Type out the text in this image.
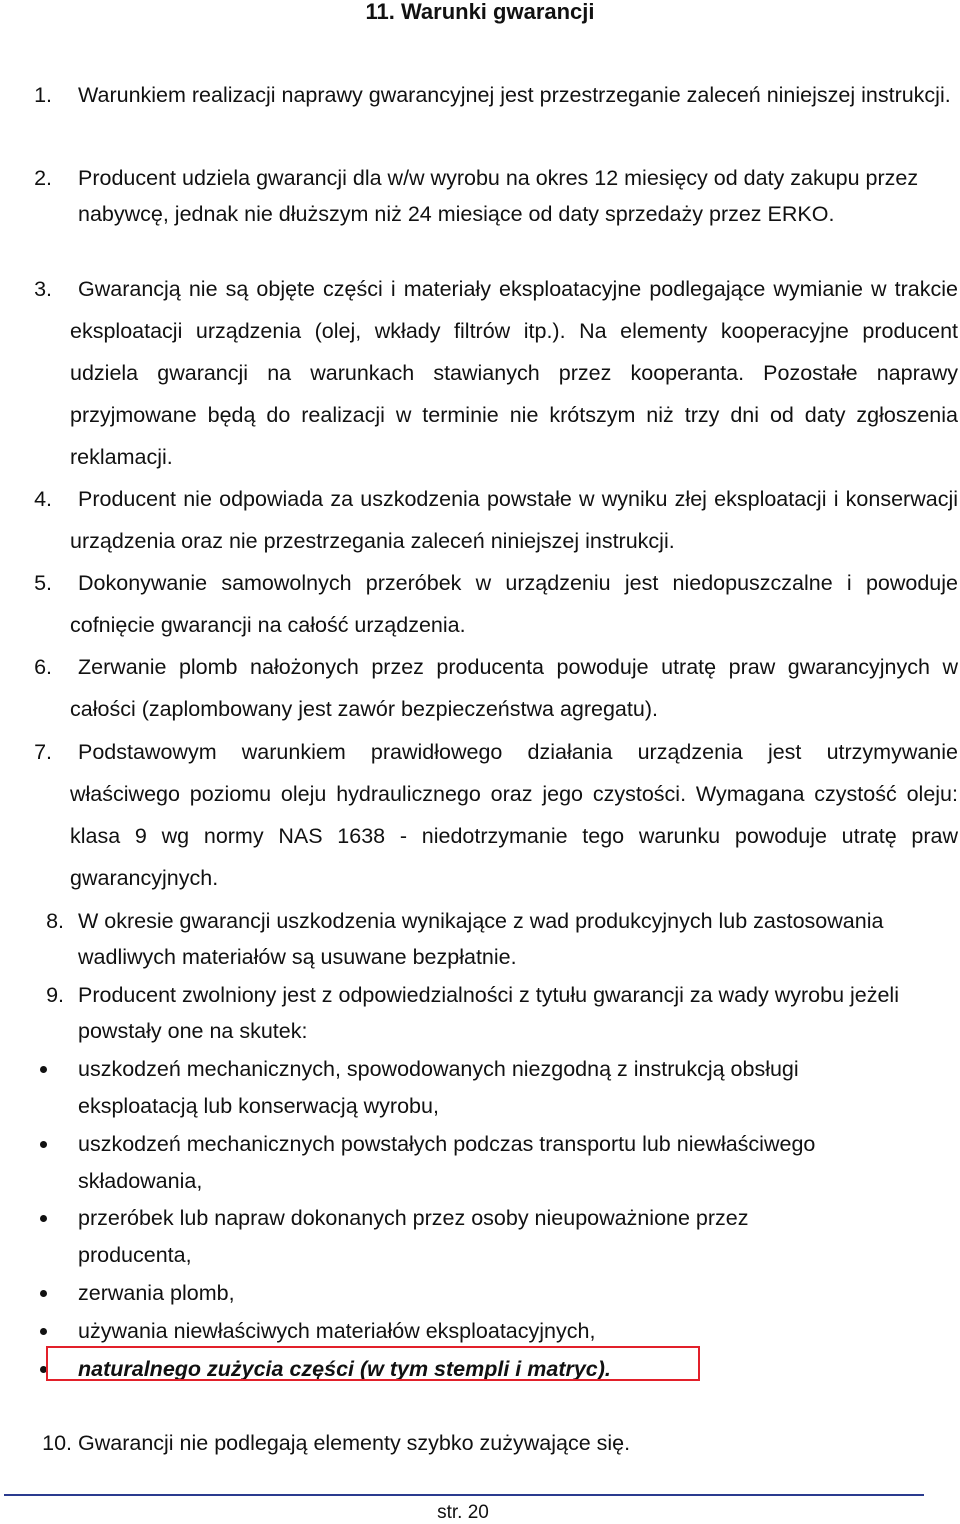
11. Warunki gwarancji
1.	Warunkiem realizacji naprawy gwarancyjnej jest przestrzeganie zaleceń niniejszej instrukcji.
2. Producent udziela gwarancji dla w/w wyrobu na okres 12 miesięcy od daty zakupu przez nabywcę, jednak nie dłuższym niż 24 miesiące od daty sprzedaży przez ERKO.
3.	Gwarancją nie są objęte części i materiały eksploatacyjne podlegające wymianie w trakcie eksploatacji urządzenia (olej, wkłady filtrów itp.). Na elementy kooperacyjne producent udziela gwarancji na warunkach stawianych przez kooperanta. Pozostałe naprawy przyjmowane będą do realizacji w terminie nie krótszym niż trzy dni od daty zgłoszenia reklamacji.
4.	Producent nie odpowiada za uszkodzenia powstałe w wyniku złej eksploatacji i konserwacji urządzenia oraz nie przestrzegania zaleceń niniejszej instrukcji.
5.	Dokonywanie samowolnych przeróbek w urządzeniu jest niedopuszczalne i powoduje cofnięcie gwarancji na całość urządzenia.
6.	Zerwanie plomb nałożonych przez producenta powoduje utratę praw gwarancyjnych w całości (zaplombowany jest zawór bezpieczeństwa agregatu).
7.	Podstawowym warunkiem prawidłowego działania urządzenia jest utrzymywanie właściwego poziomu oleju hydraulicznego oraz jego czystości. Wymagana czystość oleju: klasa 9 wg normy NAS 1638 - niedotrzymanie tego warunku powoduje utratę praw gwarancyjnych.
8. W okresie gwarancji uszkodzenia wynikające z wad produkcyjnych lub zastosowania wadliwych materiałów są usuwane bezpłatnie.
9. Producent zwolniony jest z odpowiedzialności z tytułu gwarancji za wady wyrobu jeżeli powstały one na skutek:
uszkodzeń mechanicznych, spowodowanych niezgodną z instrukcją obsługi eksploatacją lub konserwacją wyrobu,
uszkodzeń mechanicznych powstałych podczas transportu lub niewłaściwego składowania,
przeróbek lub napraw dokonanych przez osoby nieupoważnione przez producenta,
zerwania plomb,
używania niewłaściwych materiałów eksploatacyjnych,
naturalnego zużycia części (w tym stempli i matryc).
10. Gwarancji nie podlegają elementy szybko zużywające się.
str. 20
